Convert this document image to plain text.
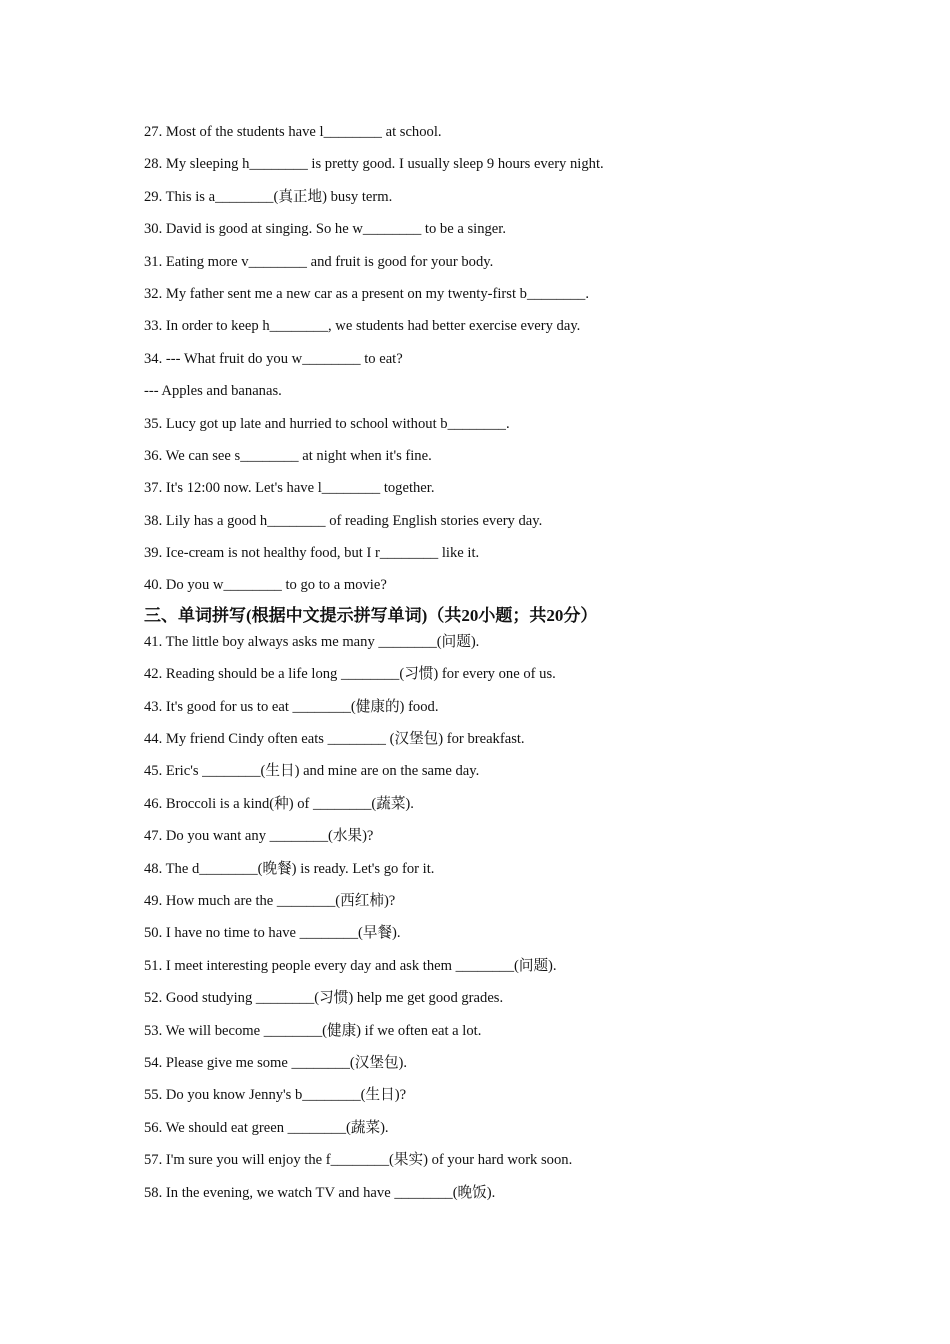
27. Most of the students have l________ at school.
28. My sleeping h________ is pretty good. I usually sleep 9 hours every night.
29. This is a________(真正地) busy term.
30. David is good at singing. So he w________ to be a singer.
31. Eating more v________ and fruit is good for your body.
32. My father sent me a new car as a present on my twenty-first b________.
33. In order to keep h________, we students had better exercise every day.
34. --- What fruit do you w________ to eat?
--- Apples and bananas.
35. Lucy got up late and hurried to school without b________.
36. We can see s________ at night when it's fine.
37. It's 12:00 now. Let's have l________ together.
38. Lily has a good h________ of reading English stories every day.
39. Ice-cream is not healthy food, but I r________ like it.
40. Do you w________ to go to a movie?
三、单词拼写(根据中文提示拼写单词)（共20小题；共20分）
41. The little boy always asks me many ________(问题).
42. Reading should be a life long ________(习惯) for every one of us.
43. It's good for us to eat ________(健康的) food.
44. My friend Cindy often eats ________ (汉堡包) for breakfast.
45. Eric's ________(生日) and mine are on the same day.
46. Broccoli is a kind(种) of ________(蔬菜).
47. Do you want any ________(水果)?
48. The d________(晚餐) is ready. Let's go for it.
49. How much are the ________(西红柿)?
50. I have no time to have ________(早餐).
51. I meet interesting people every day and ask them ________(问题).
52. Good studying ________(习惯) help me get good grades.
53. We will become ________(健康) if we often eat a lot.
54. Please give me some ________(汉堡包).
55. Do you know Jenny's b________(生日)?
56. We should eat green ________(蔬菜).
57. I'm sure you will enjoy the f________(果实) of your hard work soon.
58. In the evening, we watch TV and have ________(晚饭).
